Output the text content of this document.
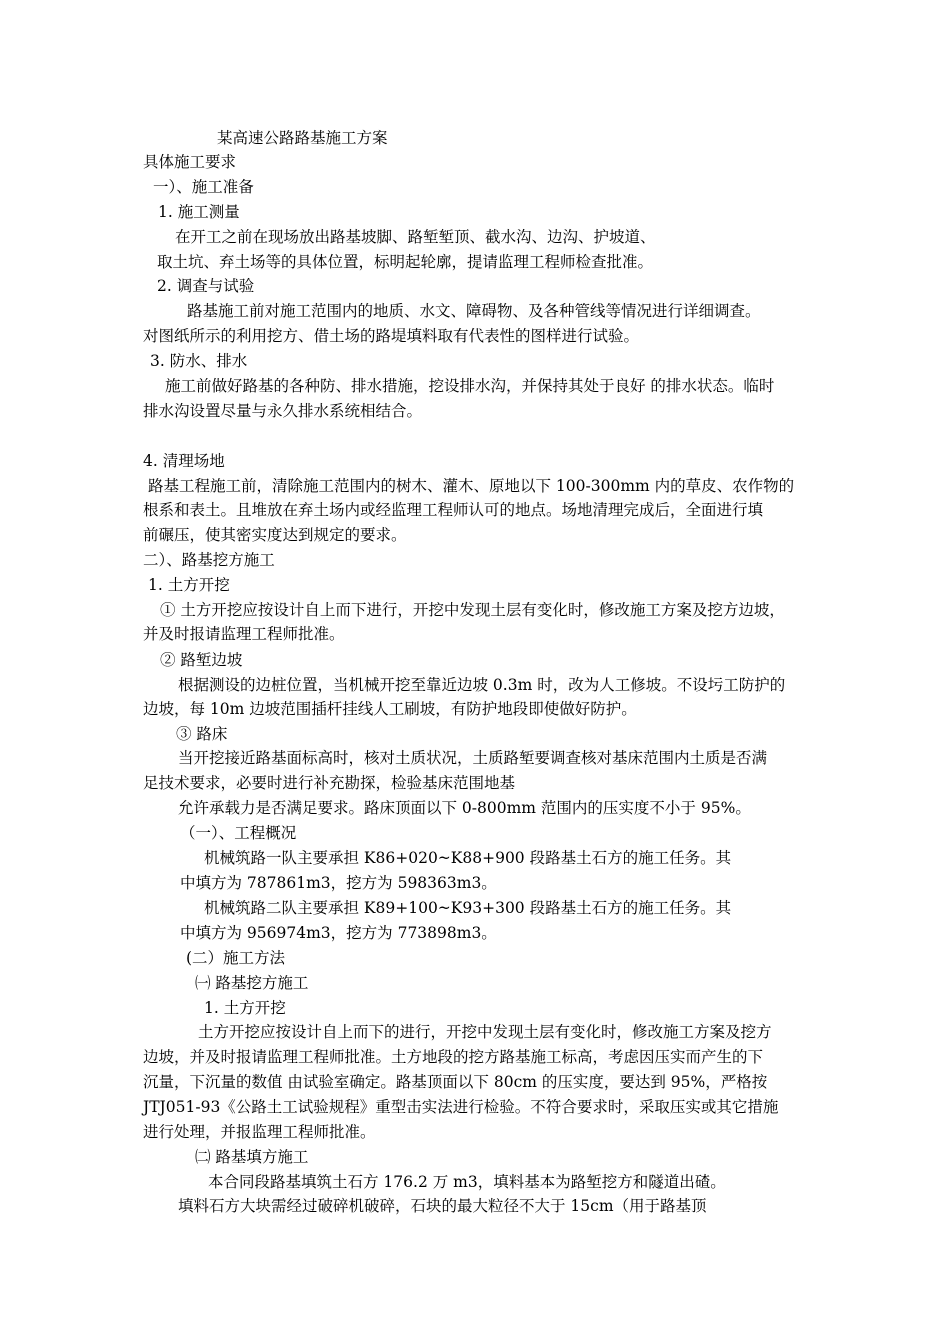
某高速公路路基施工方案
具体施工要求
一）、施工准备
1. 施工测量
在开工之前在现场放出路基坡脚、路堑堑顶、截水沟、边沟、护坡道、
取土坑、弃土场等的具体位置，标明起轮廓，提请监理工程师检查批准。
2. 调查与试验
路基施工前对施工范围内的地质、水文、障碍物、及各种管线等情况进行详细调查。
对图纸所示的利用挖方、借土场的路堤填料取有代表性的图样进行试验。
3. 防水、排水
施工前做好路基的各种防、排水措施，挖设排水沟，并保持其处于良好 的排水状态。临时
排水沟设置尽量与永久排水系统相结合。
4. 清理场地
路基工程施工前，清除施工范围内的树木、灌木、原地以下 100-300mm 内的草皮、农作物的
根系和表土。且堆放在弃土场内或经监理工程师认可的地点。场地清理完成后，全面进行填
前碾压，使其密实度达到规定的要求。
二）、路基挖方施工
1. 土方开挖
① 土方开挖应按设计自上而下进行，开挖中发现土层有变化时，修改施工方案及挖方边坡，
并及时报请监理工程师批准。
② 路堑边坡
根据测设的边桩位置，当机械开挖至靠近边坡 0.3m 时，改为人工修坡。不设圬工防护的
边坡，每 10m 边坡范围插杆挂线人工刷坡，有防护地段即使做好防护。
③ 路床
当开挖接近路基面标高时，核对土质状况，土质路堑要调查核对基床范围内土质是否满
足技术要求，必要时进行补充勘探，检验基床范围地基
允许承载力是否满足要求。路床顶面以下 0-800mm 范围内的压实度不小于 95%。
（一）、工程概况
机械筑路一队主要承担 K86+020~K88+900 段路基土石方的施工任务。其
中填方为 787861m3，挖方为 598363m3。
机械筑路二队主要承担 K89+100~K93+300 段路基土石方的施工任务。其
中填方为 956974m3，挖方为 773898m3。
(二）施工方法
㈠ 路基挖方施工
1. 土方开挖
土方开挖应按设计自上而下的进行，开挖中发现土层有变化时，修改施工方案及挖方
边坡，并及时报请监理工程师批准。土方地段的挖方路基施工标高，考虑因压实而产生的下
沉量，下沉量的数值 由试验室确定。路基顶面以下 80cm 的压实度，要达到 95%，严格按
JTJ051-93《公路土工试验规程》重型击实法进行检验。不符合要求时，采取压实或其它措施
进行处理，并报监理工程师批准。
㈡ 路基填方施工
本合同段路基填筑土石方 176.2 万 m3，填料基本为路堑挖方和隧道出碴。
填料石方大块需经过破碎机破碎，石块的最大粒径不大于 15cm（用于路基顶
